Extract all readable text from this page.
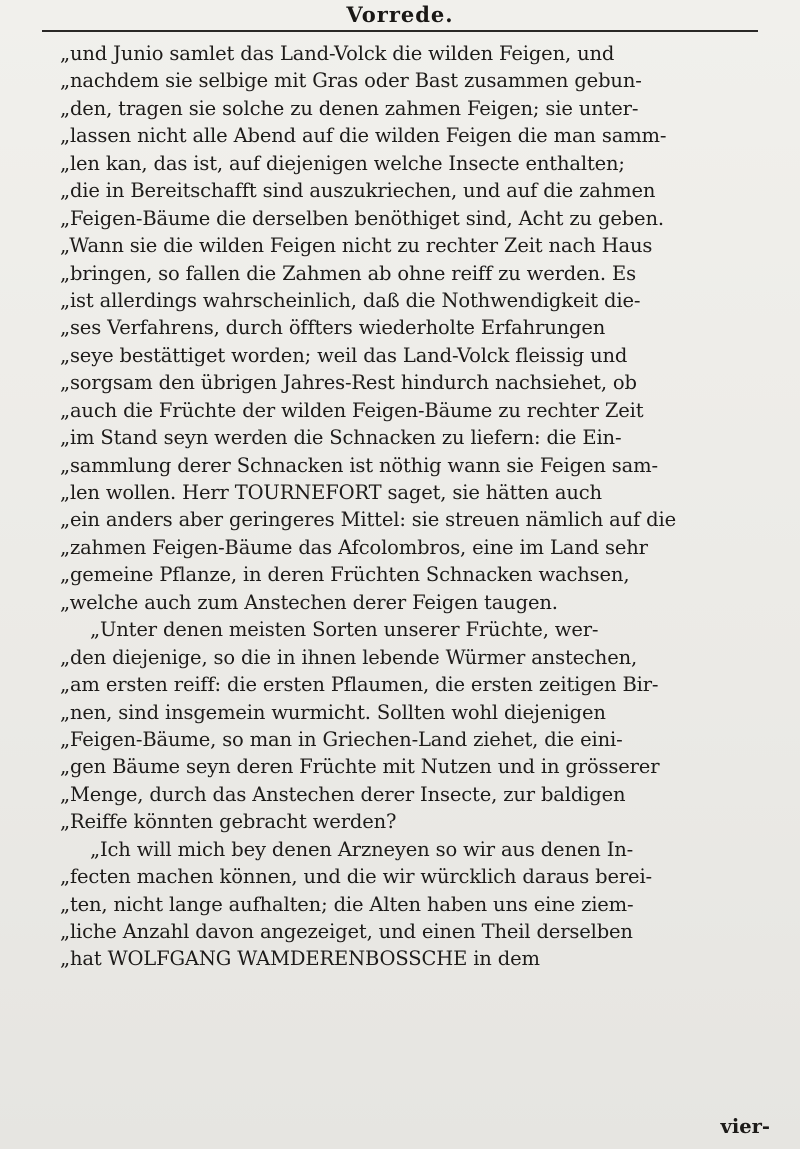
Vorrede.
„und Junio samlet das Land-Volck die wilden Feigen, und
„nachdem sie selbige mit Gras oder Bast zusammen gebun-
„den, tragen sie solche zu denen zahmen Feigen; sie unter-
„lassen nicht alle Abend auf die wilden Feigen die man samm-
„len kan, das ist, auf diejenigen welche Insecte enthalten;
„die in Bereitschafft sind auszukriechen, und auf die zahmen
„Feigen-Bäume die derselben benöthiget sind, Acht zu geben.
„Wann sie die wilden Feigen nicht zu rechter Zeit nach Haus
„bringen, so fallen die Zahmen ab ohne reiff zu werden. Es
„ist allerdings wahrscheinlich, daß die Nothwendigkeit die-
„ses Verfahrens, durch öffters wiederholte Erfahrungen
„seye bestättiget worden; weil das Land-Volck fleissig und
„sorgsam den übrigen Jahres-Rest hindurch nachsiehet, ob
„auch die Früchte der wilden Feigen-Bäume zu rechter Zeit
„im Stand seyn werden die Schnacken zu liefern: die Ein-
„sammlung derer Schnacken ist nöthig wann sie Feigen sam-
„len wollen. Herr TOURNEFORT saget, sie hätten auch
„ein anders aber geringeres Mittel: sie streuen nämlich auf die
„zahmen Feigen-Bäume das Afcolombros, eine im Land sehr
„gemeine Pflanze, in deren Früchten Schnacken wachsen,
„welche auch zum Anstechen derer Feigen taugen.
„Unter denen meisten Sorten unserer Früchte, wer-
„den diejenige, so die in ihnen lebende Würmer anstechen,
„am ersten reiff: die ersten Pflaumen, die ersten zeitigen Bir-
„nen, sind insgemein wurmicht. Sollten wohl diejenigen
„Feigen-Bäume, so man in Griechen-Land ziehet, die eini-
„gen Bäume seyn deren Früchte mit Nutzen und in grösserer
„Menge, durch das Anstechen derer Insecte, zur baldigen
„Reiffe könnten gebracht werden?
„Ich will mich bey denen Arzneyen so wir aus denen In-
„fecten machen können, und die wir würcklich daraus berei-
„ten, nicht lange aufhalten; die Alten haben uns eine ziem-
„liche Anzahl davon angezeiget, und einen Theil derselben
„hat WOLFGANG WAMDERENBOSSCHE in dem
vier-
